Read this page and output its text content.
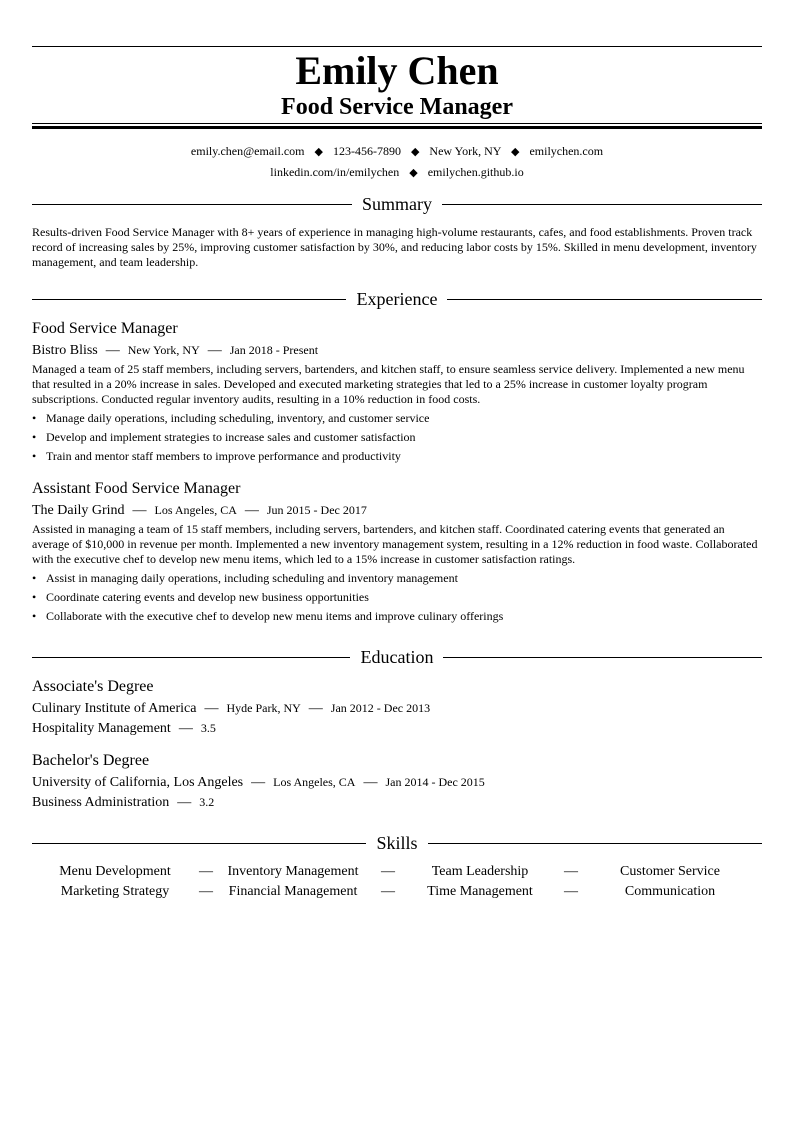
Emily Chen
Food Service Manager
emily.chen@email.com ◆ 123-456-7890 ◆ New York, NY ◆ emilychen.com
linkedin.com/in/emilychen ◆ emilychen.github.io
Summary
Results-driven Food Service Manager with 8+ years of experience in managing high-volume restaurants, cafes, and food establishments. Proven track record of increasing sales by 25%, improving customer satisfaction by 30%, and reducing labor costs by 15%. Skilled in menu development, inventory management, and team leadership.
Experience
Food Service Manager
Bistro Bliss — New York, NY — Jan 2018 - Present
Managed a team of 25 staff members, including servers, bartenders, and kitchen staff, to ensure seamless service delivery. Implemented a new menu that resulted in a 20% increase in sales. Developed and executed marketing strategies that led to a 25% increase in customer loyalty program subscriptions. Conducted regular inventory audits, resulting in a 10% reduction in food costs.
• Manage daily operations, including scheduling, inventory, and customer service
• Develop and implement strategies to increase sales and customer satisfaction
• Train and mentor staff members to improve performance and productivity
Assistant Food Service Manager
The Daily Grind — Los Angeles, CA — Jun 2015 - Dec 2017
Assisted in managing a team of 15 staff members, including servers, bartenders, and kitchen staff. Coordinated catering events that generated an average of $10,000 in revenue per month. Implemented a new inventory management system, resulting in a 12% reduction in food waste. Collaborated with the executive chef to develop new menu items, which led to a 15% increase in customer satisfaction ratings.
• Assist in managing daily operations, including scheduling and inventory management
• Coordinate catering events and develop new business opportunities
• Collaborate with the executive chef to develop new menu items and improve culinary offerings
Education
Associate's Degree
Culinary Institute of America — Hyde Park, NY — Jan 2012 - Dec 2013
Hospitality Management — 3.5
Bachelor's Degree
University of California, Los Angeles — Los Angeles, CA — Jan 2014 - Dec 2015
Business Administration — 3.2
Skills
Menu Development	—	Inventory Management	—	Team Leadership	—	Customer Service
Marketing Strategy	—	Financial Management	—	Time Management	—	Communication
